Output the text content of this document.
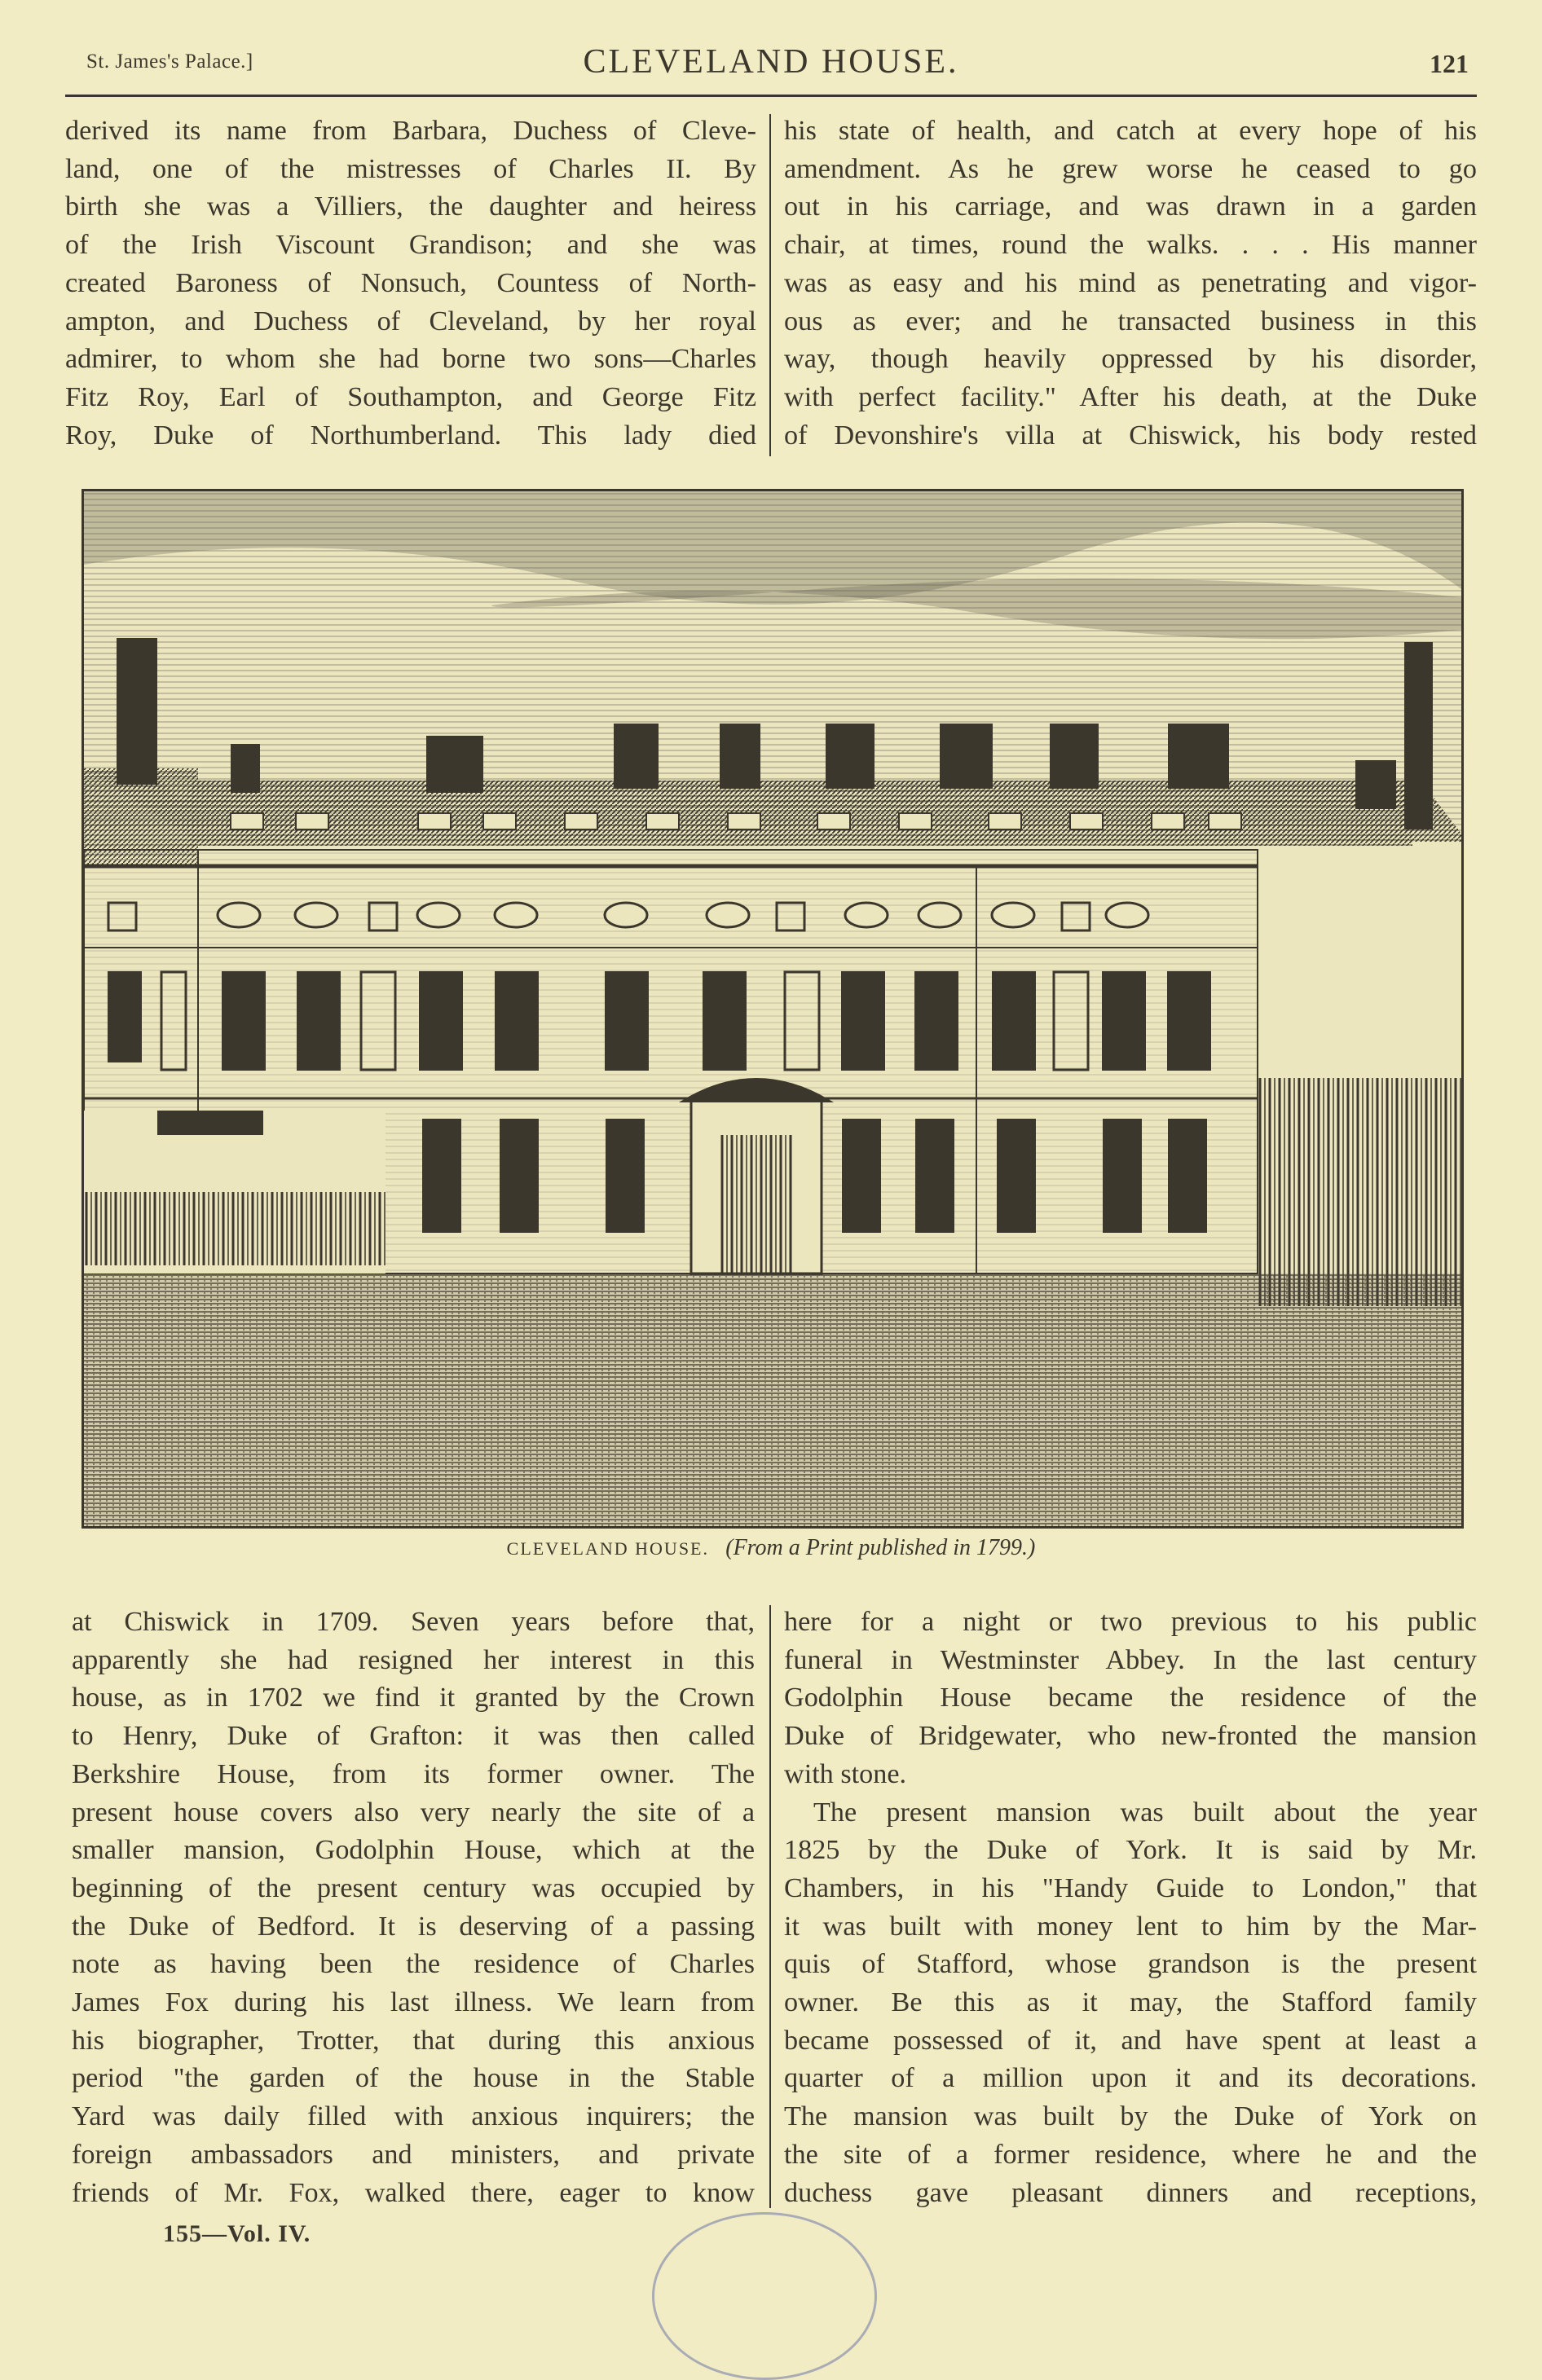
St. James's Palace.]	CLEVELAND HOUSE.	121
derived its name from Barbara, Duchess of Cleve-
land, one of the mistresses of Charles II. By
birth she was a Villiers, the daughter and heiress
of the Irish Viscount Grandison; and she was
created Baroness of Nonsuch, Countess of North-
ampton, and Duchess of Cleveland, by her royal
admirer, to whom she had borne two sons—Charles
Fitz Roy, Earl of Southampton, and George Fitz
Roy, Duke of Northumberland. This lady died
his state of health, and catch at every hope of his
amendment. As he grew worse he ceased to go
out in his carriage, and was drawn in a garden
chair, at times, round the walks. . . . His manner
was as easy and his mind as penetrating and vigor-
ous as ever; and he transacted business in this
way, though heavily oppressed by his disorder,
with perfect facility." After his death, at the Duke
of Devonshire's villa at Chiswick, his body rested
CLEVELAND HOUSE. (From a Print published in 1799.)
at Chiswick in 1709. Seven years before that,
apparently she had resigned her interest in this
house, as in 1702 we find it granted by the Crown
to Henry, Duke of Grafton: it was then called
Berkshire House, from its former owner. The
present house covers also very nearly the site of a
smaller mansion, Godolphin House, which at the
beginning of the present century was occupied by
the Duke of Bedford. It is deserving of a passing
note as having been the residence of Charles
James Fox during his last illness. We learn from
his biographer, Trotter, that during this anxious
period "the garden of the house in the Stable
Yard was daily filled with anxious inquirers; the
foreign ambassadors and ministers, and private
friends of Mr. Fox, walked there, eager to know
here for a night or two previous to his public
funeral in Westminster Abbey. In the last century
Godolphin House became the residence of the
Duke of Bridgewater, who new-fronted the mansion
with stone.
The present mansion was built about the year
1825 by the Duke of York. It is said by Mr.
Chambers, in his "Handy Guide to London," that
it was built with money lent to him by the Mar-
quis of Stafford, whose grandson is the present
owner. Be this as it may, the Stafford family
became possessed of it, and have spent at least a
quarter of a million upon it and its decorations.
The mansion was built by the Duke of York on
the site of a former residence, where he and the
duchess gave pleasant dinners and receptions,
155—Vol. IV.
